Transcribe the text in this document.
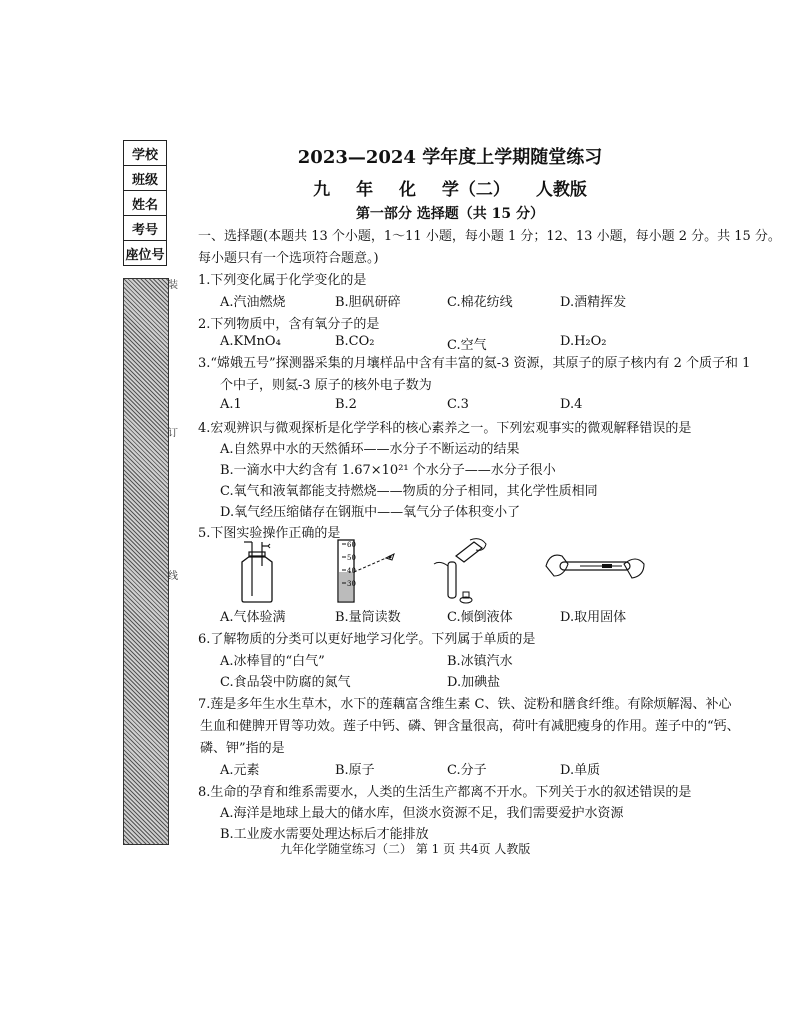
学校
班级
姓名
考号
座位号
装
订
线
2023—2024 学年度上学期随堂练习
九 年 化 学（二） 人教版
第一部分 选择题（共 15 分）
一、选择题(本题共 13 个小题，1～11 小题，每小题 1 分；12、13 小题，每小题 2 分。共 15 分。
每小题只有一个选项符合题意。)
1.下列变化属于化学变化的是
A.汽油燃烧	B.胆矾研碎	C.棉花纺线	D.酒精挥发
2.下列物质中，含有氧分子的是
A.KMnO₄	B.CO₂	C.空气	D.H₂O₂
3.“嫦娥五号”探测器采集的月壤样品中含有丰富的氦-3 资源，其原子的原子核内有 2 个质子和 1
个中子，则氦-3 原子的核外电子数为
A.1	B.2	C.3	D.4
4.宏观辨识与微观探析是化学学科的核心素养之一。下列宏观事实的微观解释错误的是
A.自然界中水的天然循环——水分子不断运动的结果
B.一滴水中大约含有 1.67×10²¹ 个水分子——水分子很小
C.氧气和液氧都能支持燃烧——物质的分子相同，其化学性质相同
D.氧气经压缩储存在钢瓶中——氧气分子体积变小了
5.下图实验操作正确的是
60
50
40
30
A.气体验满	B.量筒读数	C.倾倒液体	D.取用固体
6.了解物质的分类可以更好地学习化学。下列属于单质的是
A.冰棒冒的“白气”	B.冰镇汽水
C.食品袋中防腐的氮气	D.加碘盐
7.莲是多年生水生草木，水下的莲藕富含维生素 C、铁、淀粉和膳食纤维。有除烦解渴、补心
生血和健脾开胃等功效。莲子中钙、磷、钾含量很高，荷叶有减肥瘦身的作用。莲子中的“钙、
磷、钾”指的是
A.元素	B.原子	C.分子	D.单质
8.生命的孕育和维系需要水，人类的生活生产都离不开水。下列关于水的叙述错误的是
A.海洋是地球上最大的储水库，但淡水资源不足，我们需要爱护水资源
B.工业废水需要处理达标后才能排放
九年化学随堂练习（二） 第 1 页 共4页 人教版
